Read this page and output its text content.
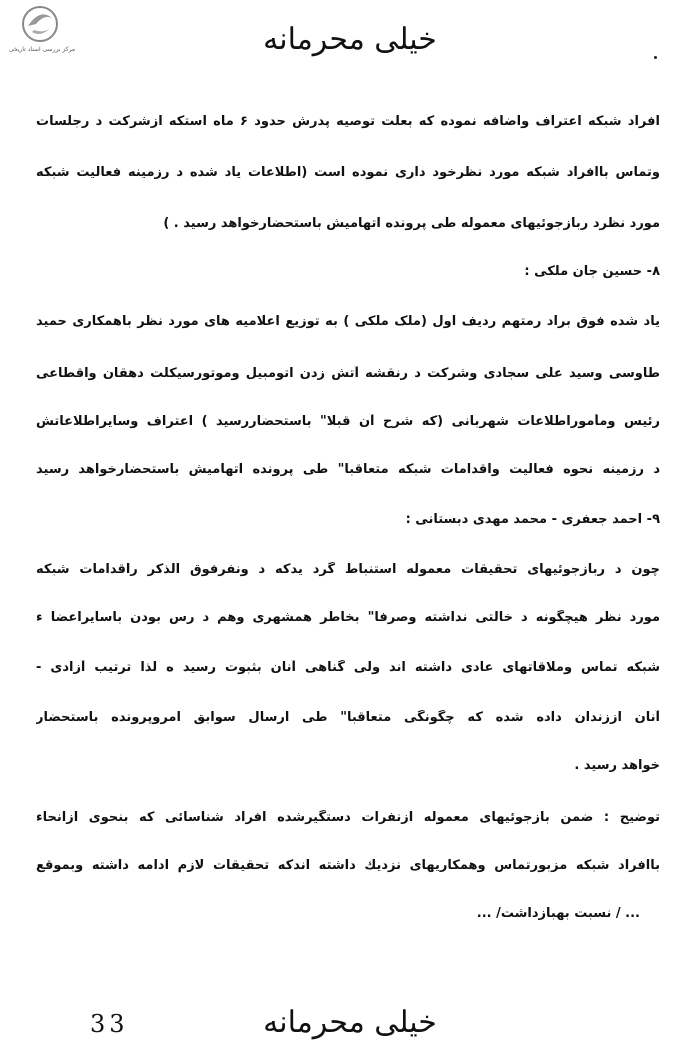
مرکز بررسی اسناد تاریخی	خیلی محرمانه
افراد شبکه اعتراف واضافه نموده که بعلت توصیه پدرش حدود ۶ ماه استکه ازشرکت د رجلسات
وتماس باافراد شبکه مورد نظرخود داری نموده است (اطلاعات یاد شده د رزمینه فعالیت شبکه
مورد نظرد ربازجوئیهای معموله طی پرونده اتهامیش باستحضارخواهد رسید . )
۸- حسین جان ملکی :
یاد شده فوق براد رمتهم ردیف اول (ملک ملکی ) به توزیع اعلامیه های مورد نظر باهمکاری حمید
طاوسی وسید علی سجادی وشرکت د رنقشه آتش زدن اتومبیل وموتورسیکلت دهقان واقطاعی
رئیس ومأموراطلاعات شهربانی (که شرح آن قبلا" باستحضاررسید ) اعتراف وسایراطلاعاتش
د رزمینه نحوه فعالیت واقدامات شبکه متعاقبا" طی پرونده اتهامیش باستحضارخواهد رسید
۹- احمد جعفری - محمد مهدی دبستانی :
چون د ربازجوئیهای تحقیقات معموله استنباط گرد یدکه د ونفرفوق الذکر راقدامات شبکه
مورد نظر هیچگونه د خالتی نداشته وصرفا" بخاطر همشهری وهم د رس بودن باسایراعضا ء
شبکه تماس وملاقاتهای عادی داشته اند ولی گناهی آنان بثبوت رسید ه لذا ترتیب آزادی -
آنان اززندان داده شده که چگونگی متعاقبا" طی ارسال سوابق امروپرونده باستحضار
خواهد رسید .
توضیح : ضمن بازجوئیهای معموله ازنفرات دستگیرشده افراد شناسائی که بنحوی ازانحاء
باافراد شبکه مزبورتماس وهمکاریهای نزدیك داشته اندکه تحقیقات لازم ادامه داشته وبموقع
... / نسبت بهبازداشت/ ...
33	خیلی محرمانه
